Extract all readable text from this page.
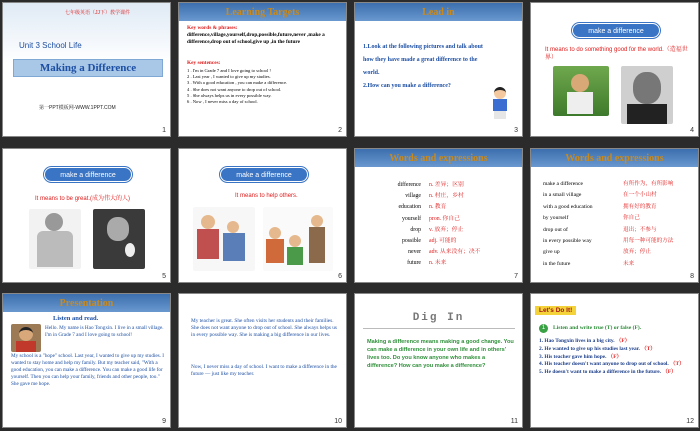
七年级英语（JJ下）教学课件
Unit 3 School Life
Making a Difference
第一PPT模板网-WWW.1PPT.COM
1
Learning Targets
Key words & phrases:
difference,village,yourself,drop,possible,future,never ,make a difference,drop out of school,give up ,in the future
Key sentences:
1 . I'm in Grade 7 and I love going to school !
2 . Last year , I wanted to give up my studies.
3 . With a good education , you can make a difference.
4 . She does not want anyone to drop out of school.
5 . She always helps us in every possible way.
6 . Now , I never miss a day of school.
2
Lead in
1.Look at the following pictures and talk about how they have made a great difference to the world.
2.How can you make a difference?
3
make a difference
It means to do something good for the world.（造福世界）
4
make a difference
It means to be great.(成为伟大的人)
5
make a difference
It means to help others.
6
Words and expressions
difference
village
education
yourself
drop
possible
never
future
n. 差异；区别
n. 村庄，乡村
n. 教育
pron. 你自己
v. 放弃；停止
adj. 可能的
adv. 从来没有；决不
n. 未来
7
Words and expressions
make a difference
in a small village
with a good education
by yourself
drop out of
in every possible way
give up
in the future
有所作为，有所影响
在一个小山村
拥有好的教育
你自己
退出；不参与
用每一种可能的方法
放弃；停止
未来
8
Presentation
Listen and read.
Hello. My name is Hao Tongxin. I live in a small village. I'm in Grade 7 and I love going to school!
My school is a "hope" school. Last year, I wanted to give up my studies. I wanted to stay home and help my family. But my teacher said, "With a good education, you can make a difference. You can make a good life for yourself. Then you can help your family, friends and other people, too." She gave me hope.
9
My teacher is great. She often visits her students and their families. She does not want anyone to drop out of school. She always helps us in every possible way. She is making a big difference in our lives.
Now, I never miss a day of school. I want to make a difference in the future — just like my teacher.
10
Dig In
Making a difference means making a good change. You can make a difference in your own life and in others' lives too. Do you know anyone who makes a difference? How can you make a difference?
11
Let's Do It!
1	Listen and write true (T) or false (F).
1. Hao Tongxin lives in a big city. （F）
2. He wanted to give up his studies last year. （T）
3. His teacher gave him hope. （F）
4. His teacher doesn't want anyone to drop out of school. （T）
5. He doesn't want to make a difference in the future. （F）
12
